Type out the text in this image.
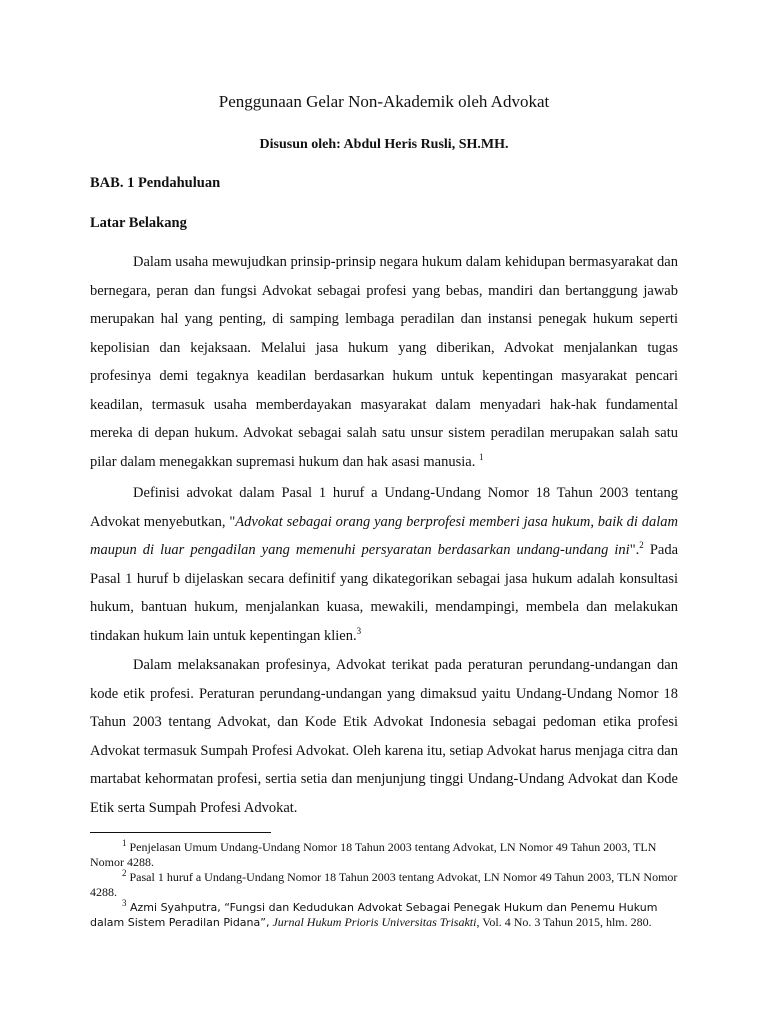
Penggunaan Gelar Non-Akademik oleh Advokat
Disusun oleh: Abdul Heris Rusli, SH.MH.
BAB. 1 Pendahuluan
Latar Belakang

Dalam usaha mewujudkan prinsip-prinsip negara hukum dalam kehidupan bermasyarakat dan bernegara, peran dan fungsi Advokat sebagai profesi yang bebas, mandiri dan bertanggung jawab merupakan hal yang penting, di samping lembaga peradilan dan instansi penegak hukum seperti kepolisian dan kejaksaan. Melalui jasa hukum yang diberikan, Advokat menjalankan tugas profesinya demi tegaknya keadilan berdasarkan hukum untuk kepentingan masyarakat pencari keadilan, termasuk usaha memberdayakan masyarakat dalam menyadari hak-hak fundamental mereka di depan hukum. Advokat sebagai salah satu unsur sistem peradilan merupakan salah satu pilar dalam menegakkan supremasi hukum dan hak asasi manusia. $^1$

Definisi advokat dalam Pasal 1 huruf a Undang-Undang Nomor 18 Tahun 2003 tentang Advokat menyebutkan, "Advokat sebagai orang yang berprofesi memberi jasa hukum, baik di dalam maupun di luar pengadilan yang memenuhi persyaratan berdasarkan undang-undang ini".$^2$ Pada Pasal 1 huruf b dijelaskan secara definitif yang dikategorikan sebagai jasa hukum adalah konsultasi hukum, bantuan hukum, menjalankan kuasa, mewakili, mendampingi, membela dan melakukan tindakan hukum lain untuk kepentingan klien.$^3$

Dalam melaksanakan profesinya, Advokat terikat pada peraturan perundang-undangan dan kode etik profesi. Peraturan perundang-undangan yang dimaksud yaitu Undang-Undang Nomor 18 Tahun 2003 tentang Advokat, dan Kode Etik Advokat Indonesia sebagai pedoman etika profesi Advokat termasuk Sumpah Profesi Advokat. Oleh karena itu, setiap Advokat harus menjaga citra dan martabat kehormatan profesi, sertia setia dan menjunjung tinggi Undang-Undang Advokat dan Kode Etik serta Sumpah Profesi Advokat.

$^1$ Penjelasan Umum Undang-Undang Nomor 18 Tahun 2003 tentang Advokat, LN Nomor 49 Tahun 2003, TLN Nomor 4288.

$^2$ Pasal 1 huruf a Undang-Undang Nomor 18 Tahun 2003 tentang Advokat, LN Nomor 49 Tahun 2003, TLN Nomor 4288.

$^3$ Azmi Syahputra, “Fungsi dan Kedudukan Advokat Sebagai Penegak Hukum dan Penemu Hukum dalam Sistem Peradilan Pidana”, Jurnal Hukum Prioris Universitas Trisakti, Vol. 4 No. 3 Tahun 2015, hlm. 280.
